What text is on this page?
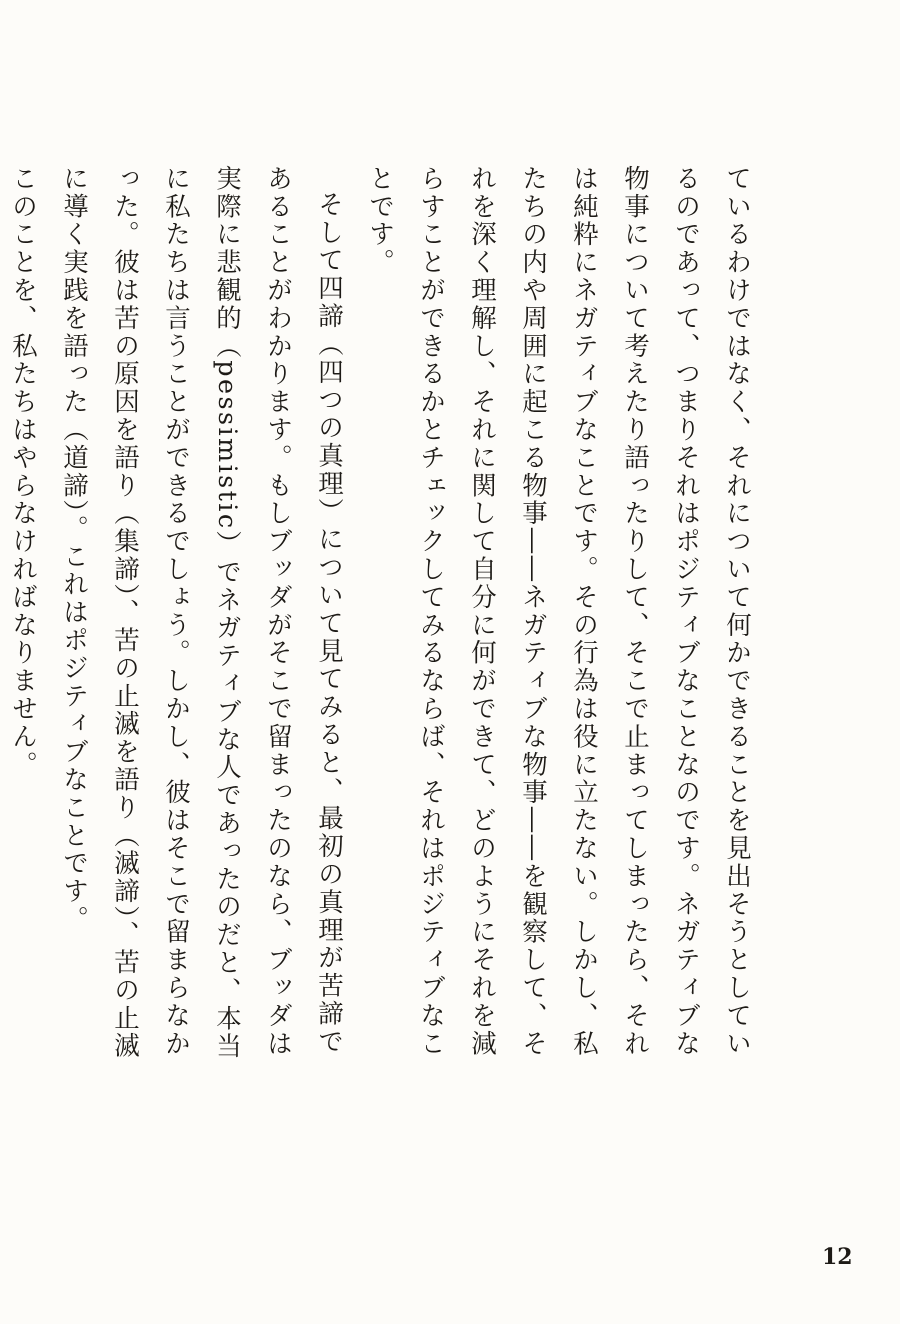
ているわけではなく、それについて何かできることを見出そうとしているのであって、つまりそれはポジティブなことなのです。ネガティブな物事について考えたり語ったりして、そこで止まってしまったら、それは純粋にネガティブなことです。その行為は役に立たない。しかし、私たちの内や周囲に起こる物事――ネガティブな物事――を観察して、それを深く理解し、それに関して自分に何ができて、どのようにそれを減らすことができるかとチェックしてみるならば、それはポジティブなことです。

そして四諦（四つの真理）について見てみると、最初の真理が苦諦であることがわかります。もしブッダがそこで留まったのなら、ブッダは実際に悲観的（pessimistic）でネガティブな人であったのだと、本当に私たちは言うことができるでしょう。しかし、彼はそこで留まらなかった。彼は苦の原因を語り（集諦）、苦の止滅を語り（滅諦）、苦の止滅に導く実践を語った（道諦）。これはポジティブなことです。

このことを、私たちはやらなければなりません。

12
